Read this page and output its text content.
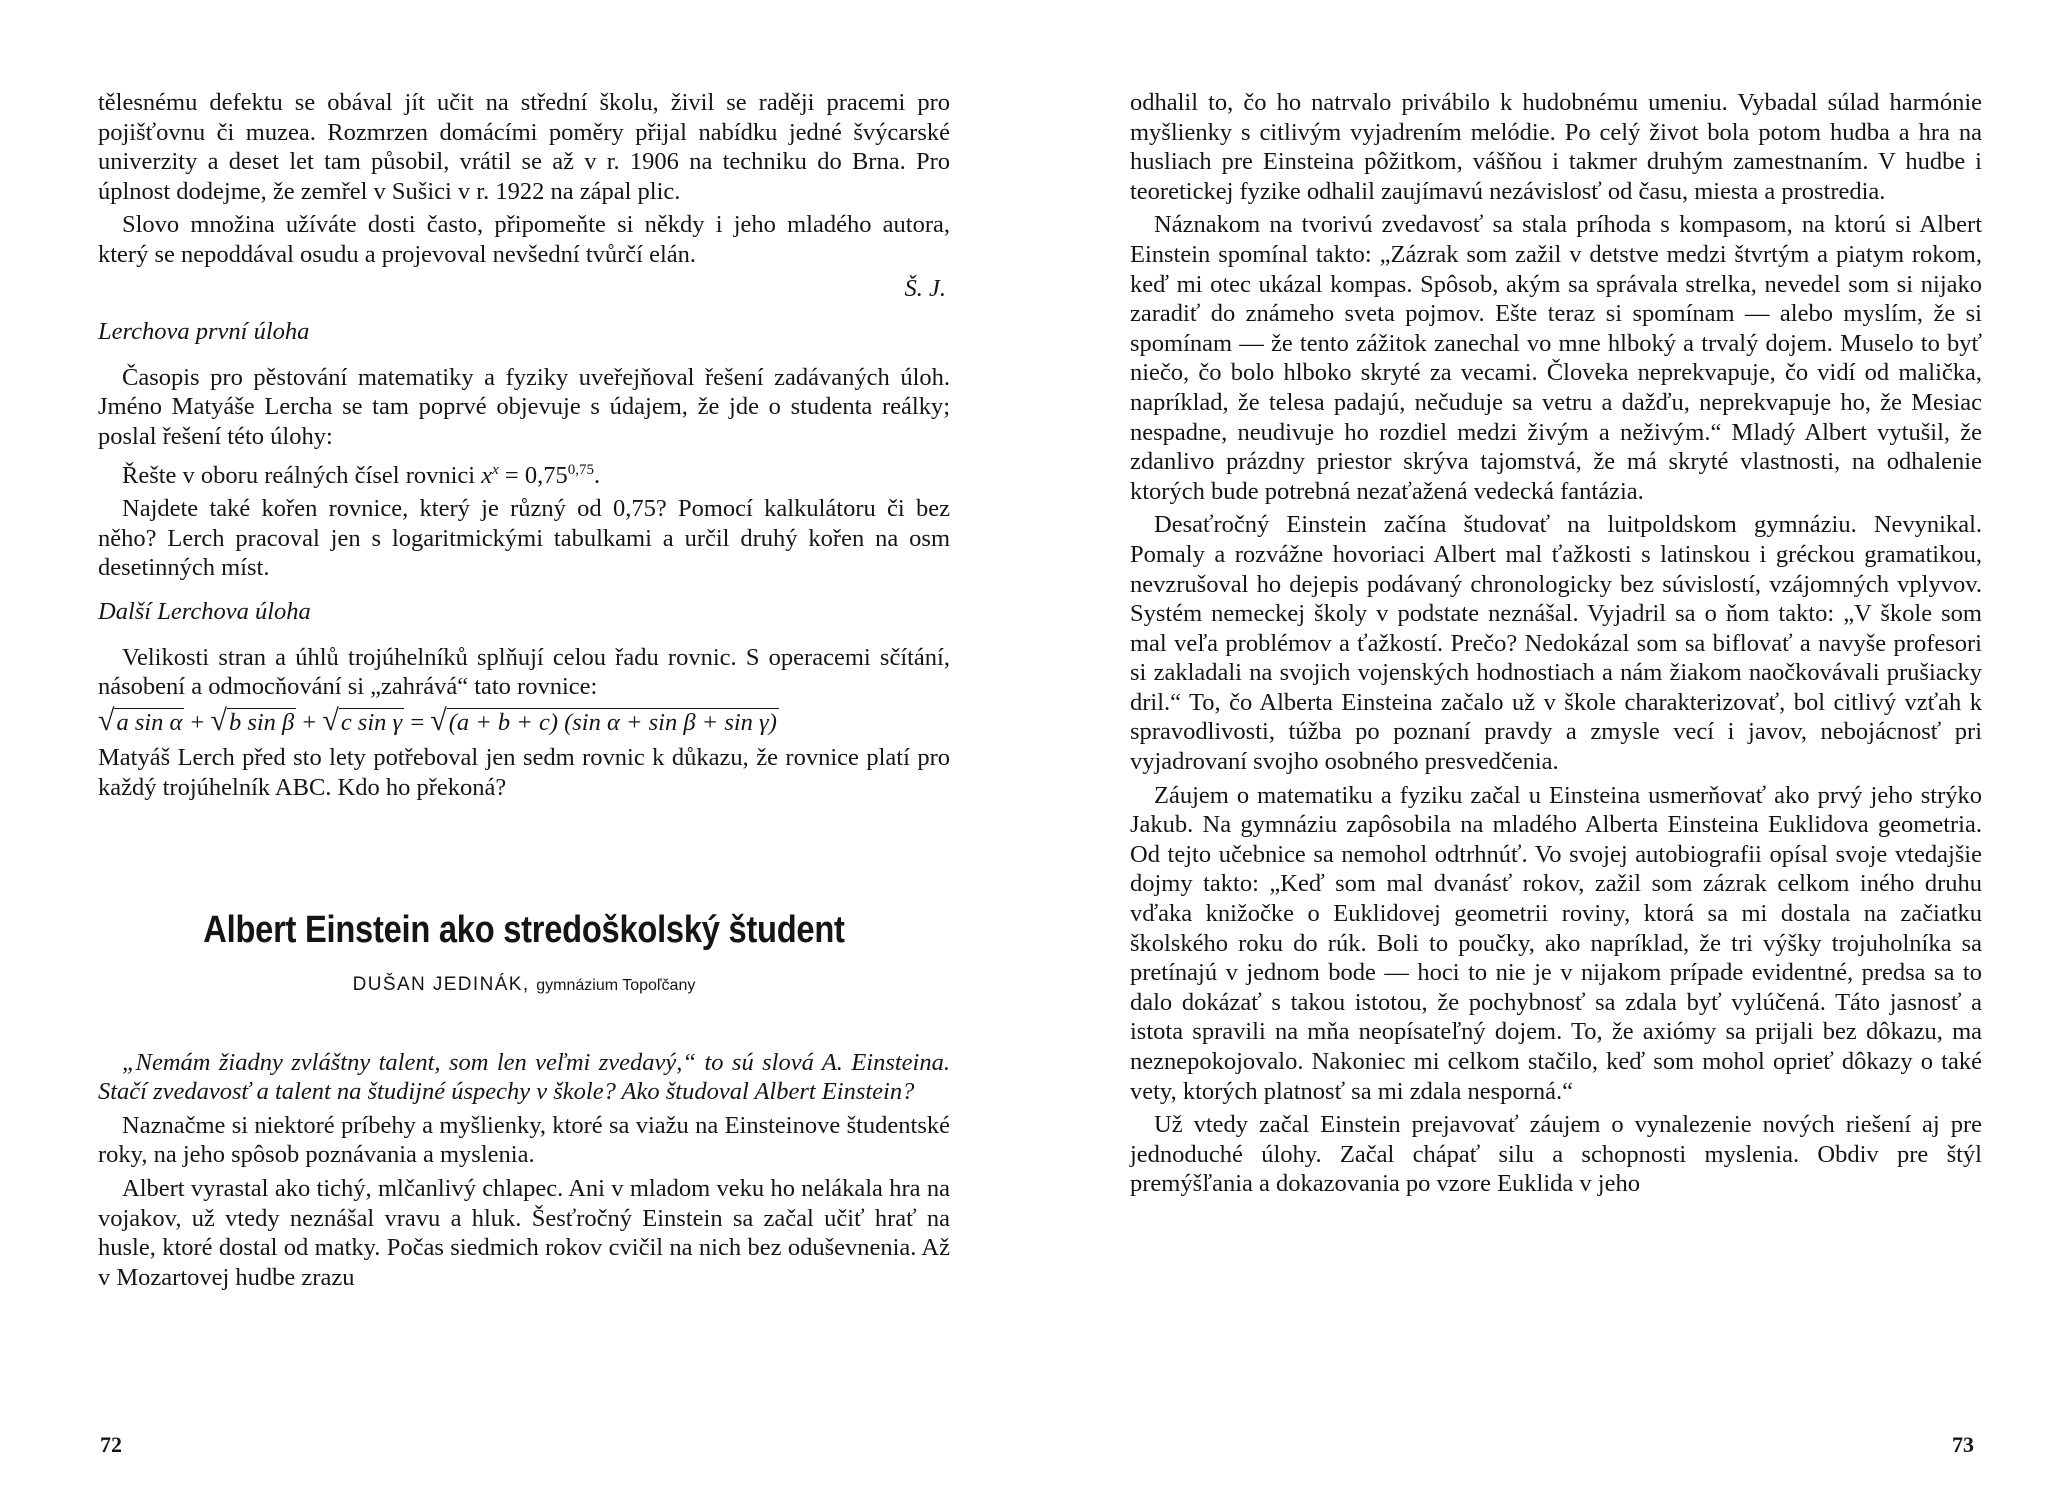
tělesnému defektu se obával jít učit na střední školu, živil se raději pracemi pro pojišťovnu či muzea. Rozmrzen domácími poměry přijal nabídku jedné švýcarské univerzity a deset let tam působil, vrátil se až v r. 1906 na techniku do Brna. Pro úplnost dodejme, že zemřel v Sušici v r. 1922 na zápal plic.

Slovo množina užíváte dosti často, připomeňte si někdy i jeho mladého autora, který se nepoddával osudu a projevoval nevšední tvůrčí elán.

Š. J.
Lerchova první úloha

Časopis pro pěstování matematiky a fyziky uveřejňoval řešení zadávaných úloh. Jméno Matyáše Lercha se tam poprvé objevuje s údajem, že jde o studenta reálky; poslal řešení této úlohy:

Řešte v oboru reálných čísel rovnici $x^x = 0,75^{0,75}$.

Najdete také kořen rovnice, který je různý od 0,75? Pomocí kalkulátoru či bez něho? Lerch pracoval jen s logaritmickými tabulkami a určil druhý kořen na osm desetinných míst.

Další Lerchova úloha

Velikosti stran a úhlů trojúhelníků splňují celou řadu rovnic. S operacemi sčítání, násobení a odmocňování si „zahrává“ tato rovnice:

√a sin α + √b sin β + √c sin γ = √(a + b + c) (sin α + sin β + sin γ)

Matyáš Lerch před sto lety potřeboval jen sedm rovnic k důkazu, že rovnice platí pro každý trojúhelník ABC. Kdo ho překoná?

Albert Einstein ako stredoškolský študent
DUŠAN JEDINÁK, gymnázium Topoľčany

„Nemám žiadny zvláštny talent, som len veľmi zvedavý,“ to sú slová A. Einsteina. Stačí zvedavosť a talent na študijné úspechy v škole? Ako študoval Albert Einstein?

Naznačme si niektoré príbehy a myšlienky, ktoré sa viažu na Einsteinove študentské roky, na jeho spôsob poznávania a myslenia.

Albert vyrastal ako tichý, mlčanlivý chlapec. Ani v mladom veku ho nelákala hra na vojakov, už vtedy neznášal vravu a hluk. Šesťročný Einstein sa začal učiť hrať na husle, ktoré dostal od matky. Počas siedmich rokov cvičil na nich bez oduševnenia. Až v Mozartovej hudbe zrazu

odhalil to, čo ho natrvalo privábilo k hudobnému umeniu. Vybadal súlad harmónie myšlienky s citlivým vyjadrením melódie. Po celý život bola potom hudba a hra na husliach pre Einsteina pôžitkom, vášňou i takmer druhým zamestnaním. V hudbe i teoretickej fyzike odhalil zaujímavú nezávislosť od času, miesta a prostredia.

Náznakom na tvorivú zvedavosť sa stala príhoda s kompasom, na ktorú si Albert Einstein spomínal takto: „Zázrak som zažil v detstve medzi štvrtým a piatym rokom, keď mi otec ukázal kompas. Spôsob, akým sa správala strelka, nevedel som si nijako zaradiť do známeho sveta pojmov. Ešte teraz si spomínam — alebo myslím, že si spomínam — že tento zážitok zanechal vo mne hlboký a trvalý dojem. Muselo to byť niečo, čo bolo hlboko skryté za vecami. Človeka neprekvapuje, čo vidí od malička, napríklad, že telesa padajú, nečuduje sa vetru a dažďu, neprekvapuje ho, že Mesiac nespadne, neudivuje ho rozdiel medzi živým a neživým.“ Mladý Albert vytušil, že zdanlivo prázdny priestor skrýva tajomstvá, že má skryté vlastnosti, na odhalenie ktorých bude potrebná nezaťažená vedecká fantázia.

Desaťročný Einstein začína študovať na luitpoldskom gymnáziu. Nevynikal. Pomaly a rozvážne hovoriaci Albert mal ťažkosti s latinskou i gréckou gramatikou, nevzrušoval ho dejepis podávaný chronologicky bez súvislostí, vzájomných vplyvov. Systém nemeckej školy v podstate neznášal. Vyjadril sa o ňom takto: „V škole som mal veľa problémov a ťažkostí. Prečo? Nedokázal som sa biflovať a navyše profesori si zakladali na svojich vojenských hodnostiach a nám žiakom naočkovávali prušiacky dril.“ To, čo Alberta Einsteina začalo už v škole charakterizovať, bol citlivý vzťah k spravodlivosti, túžba po poznaní pravdy a zmysle vecí i javov, nebojácnosť pri vyjadrovaní svojho osobného presvedčenia.

Záujem o matematiku a fyziku začal u Einsteina usmerňovať ako prvý jeho strýko Jakub. Na gymnáziu zapôsobila na mladého Alberta Einsteina Euklidova geometria. Od tejto učebnice sa nemohol odtrhnúť. Vo svojej autobiografii opísal svoje vtedajšie dojmy takto: „Keď som mal dvanásť rokov, zažil som zázrak celkom iného druhu vďaka knižočke o Euklidovej geometrii roviny, ktorá sa mi dostala na začiatku školského roku do rúk. Boli to poučky, ako napríklad, že tri výšky trojuholníka sa pretínajú v jednom bode — hoci to nie je v nijakom prípade evidentné, predsa sa to dalo dokázať s takou istotou, že pochybnosť sa zdala byť vylúčená. Táto jasnosť a istota spravili na mňa neopísateľný dojem. To, že axiómy sa prijali bez dôkazu, ma neznepokojovalo. Nakoniec mi celkom stačilo, keď som mohol oprieť dôkazy o také vety, ktorých platnosť sa mi zdala nesporná.“

Už vtedy začal Einstein prejavovať záujem o vynalezenie nových riešení aj pre jednoduché úlohy. Začal chápať silu a schopnosti myslenia. Obdiv pre štýl premýšľania a dokazovania po vzore Euklida v jeho

72	73
